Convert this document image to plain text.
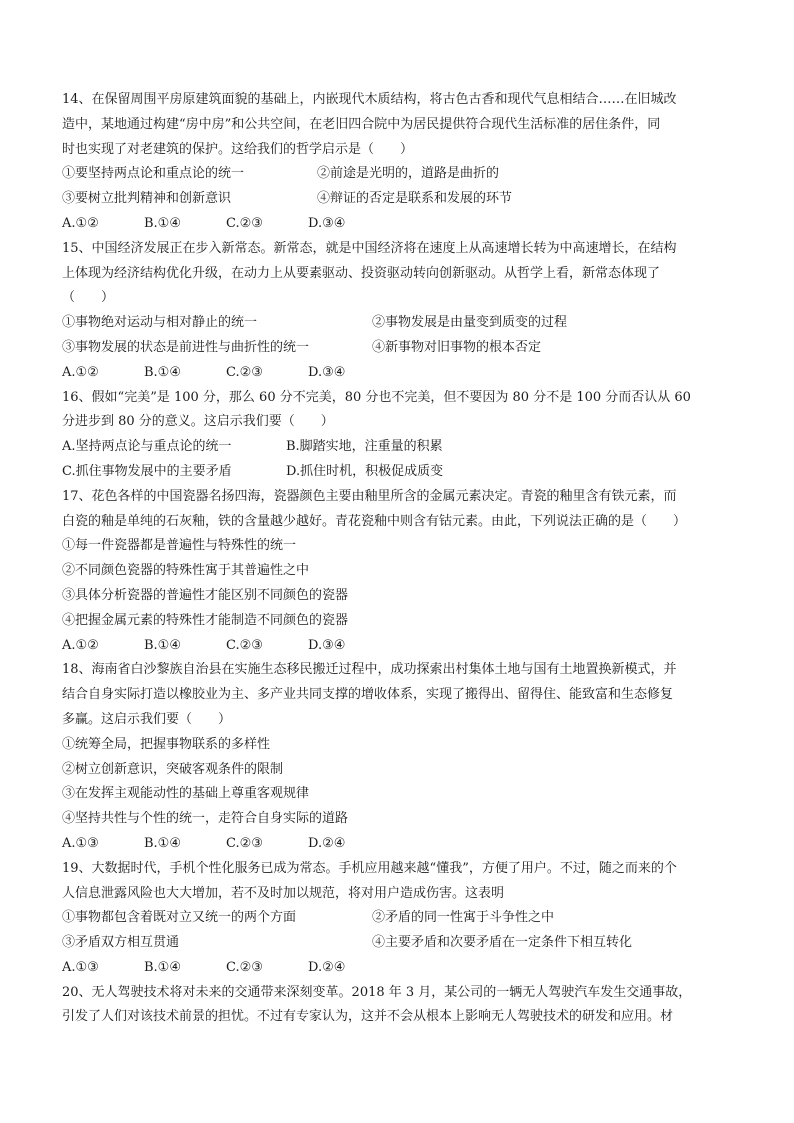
14、在保留周围平房原建筑面貌的基础上，内嵌现代木质结构，将古色古香和现代气息相结合……在旧城改
造中，某地通过构建“房中房”和公共空间，在老旧四合院中为居民提供符合现代生活标准的居住条件，同
时也实现了对老建筑的保护。这给我们的哲学启示是（　　）
①要坚持两点论和重点论的统一	②前途是光明的，道路是曲折的
③要树立批判精神和创新意识	④辩证的否定是联系和发展的环节
A.①②	B.①④	C.②③	D.③④
15、中国经济发展正在步入新常态。新常态，就是中国经济将在速度上从高速增长转为中高速增长，在结构
上体现为经济结构优化升级，在动力上从要素驱动、投资驱动转向创新驱动。从哲学上看，新常态体现了
（　　）
①事物绝对运动与相对静止的统一	②事物发展是由量变到质变的过程
③事物发展的状态是前进性与曲折性的统一	④新事物对旧事物的根本否定
A.①②	B.①④	C.②③	D.③④
16、假如“完美”是 100 分，那么 60 分不完美，80 分也不完美，但不要因为 80 分不是 100 分而否认从 60
分进步到 80 分的意义。这启示我们要（　　）
A.坚持两点论与重点论的统一	B.脚踏实地，注重量的积累
C.抓住事物发展中的主要矛盾	D.抓住时机，积极促成质变
17、花色各样的中国瓷器名扬四海，瓷器颜色主要由釉里所含的金属元素决定。青瓷的釉里含有铁元素，而
白瓷的釉是单纯的石灰釉，铁的含量越少越好。青花瓷釉中则含有钴元素。由此，下列说法正确的是（　　）
①每一件瓷器都是普遍性与特殊性的统一
②不同颜色瓷器的特殊性寓于其普遍性之中
③具体分析瓷器的普遍性才能区别不同颜色的瓷器
④把握金属元素的特殊性才能制造不同颜色的瓷器
A.①②	B.①④	C.②③	D.③④
18、海南省白沙黎族自治县在实施生态移民搬迁过程中，成功探索出村集体土地与国有土地置换新模式，并
结合自身实际打造以橡胶业为主、多产业共同支撑的增收体系，实现了搬得出、留得住、能致富和生态修复
多赢。这启示我们要（　　）
①统筹全局，把握事物联系的多样性
②树立创新意识，突破客观条件的限制
③在发挥主观能动性的基础上尊重客观规律
④坚持共性与个性的统一，走符合自身实际的道路
A.①③	B.①④	C.②③	D.②④
19、大数据时代，手机个性化服务已成为常态。手机应用越来越“懂我”，方便了用户。不过，随之而来的个
人信息泄露风险也大大增加，若不及时加以规范，将对用户造成伤害。这表明
①事物都包含着既对立又统一的两个方面	②矛盾的同一性寓于斗争性之中
③矛盾双方相互贯通	④主要矛盾和次要矛盾在一定条件下相互转化
A.①③	B.①④	C.②③	D.②④
20、无人驾驶技术将对未来的交通带来深刻变革。2018 年 3 月，某公司的一辆无人驾驶汽车发生交通事故，
引发了人们对该技术前景的担忧。不过有专家认为，这并不会从根本上影响无人驾驶技术的研发和应用。材
